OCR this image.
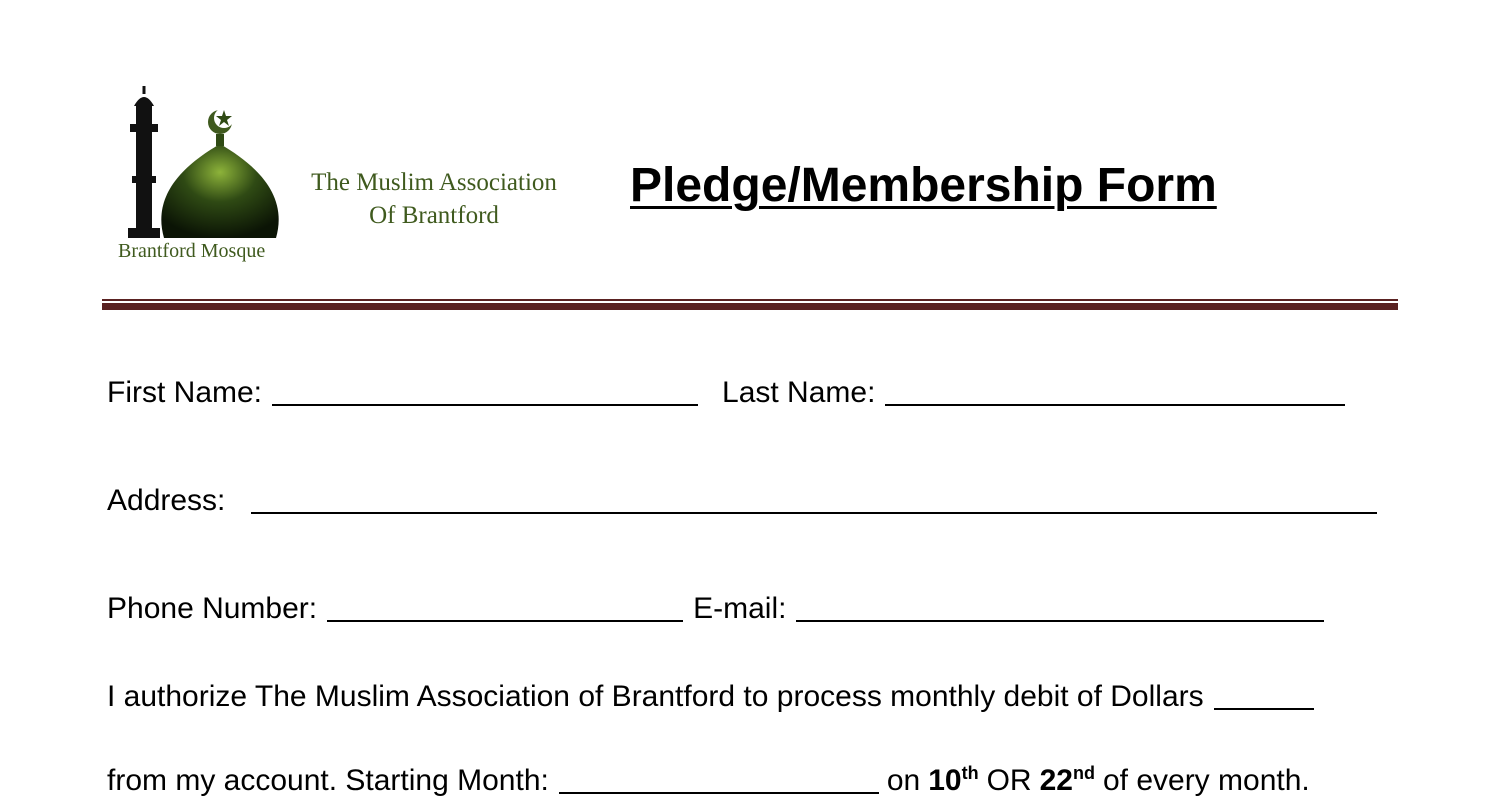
Brantford Mosque
The Muslim Association
Of Brantford
Pledge/Membership Form
First Name:	Last Name:
Address:
Phone Number:	E-mail:
I authorize The Muslim Association of Brantford to process monthly debit of Dollars
from my account. Starting Month:	on 10th OR 22nd of every month.
